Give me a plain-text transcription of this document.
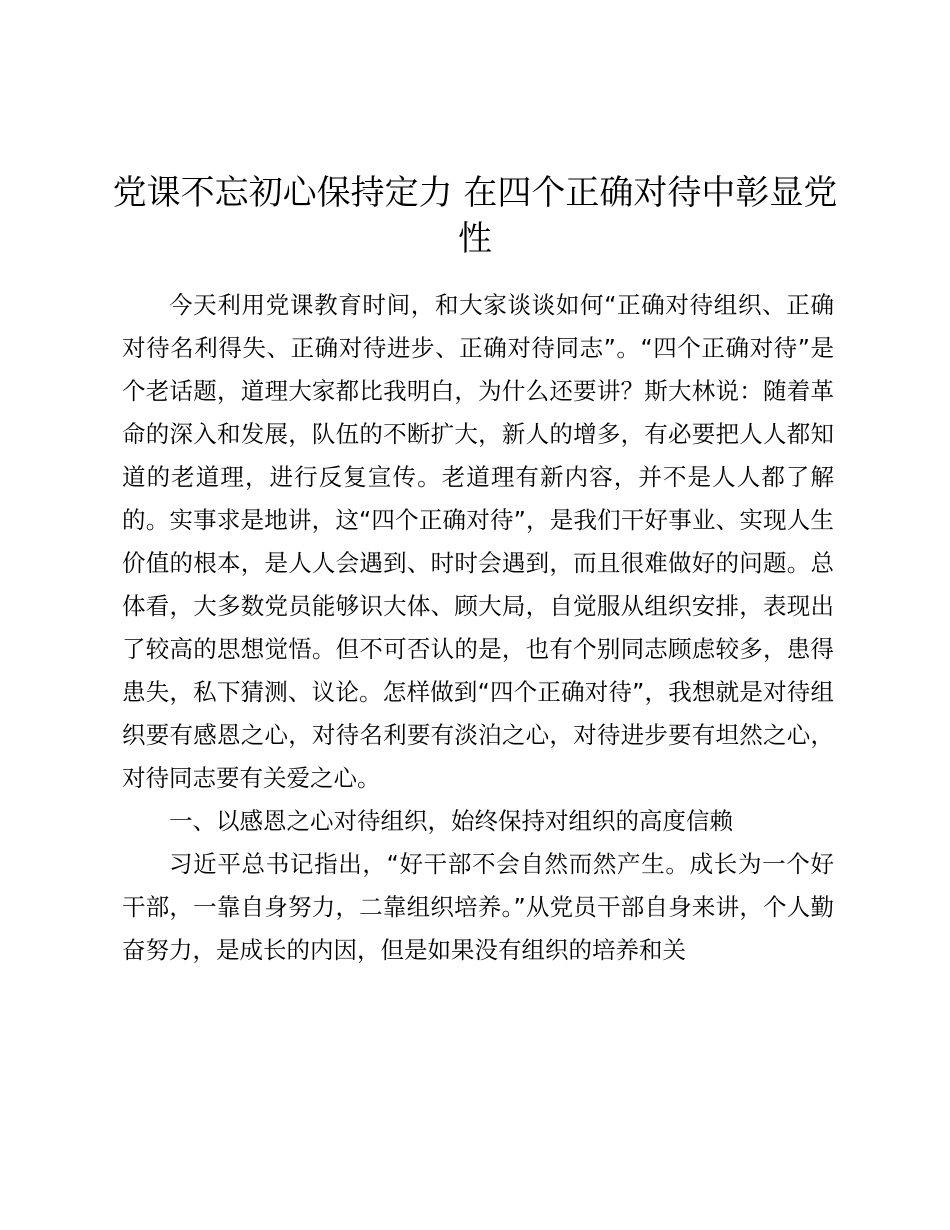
党课不忘初心保持定力 在四个正确对待中彰显党性

今天利用党课教育时间，和大家谈谈如何“正确对待组织、正确对待名利得失、正确对待进步、正确对待同志”。“四个正确对待”是个老话题，道理大家都比我明白，为什么还要讲？斯大林说：随着革命的深入和发展，队伍的不断扩大，新人的增多，有必要把人人都知道的老道理，进行反复宣传。老道理有新内容，并不是人人都了解的。实事求是地讲，这“四个正确对待”，是我们干好事业、实现人生价值的根本，是人人会遇到、时时会遇到，而且很难做好的问题。总体看，大多数党员能够识大体、顾大局，自觉服从组织安排，表现出了较高的思想觉悟。但不可否认的是，也有个别同志顾虑较多，患得患失，私下猜测、议论。怎样做到“四个正确对待”，我想就是对待组织要有感恩之心，对待名利要有淡泊之心，对待进步要有坦然之心，对待同志要有关爱之心。

一、以感恩之心对待组织，始终保持对组织的高度信赖

习近平总书记指出，“好干部不会自然而然产生。成长为一个好干部，一靠自身努力，二靠组织培养。”从党员干部自身来讲，个人勤奋努力，是成长的内因，但是如果没有组织的培养和关
